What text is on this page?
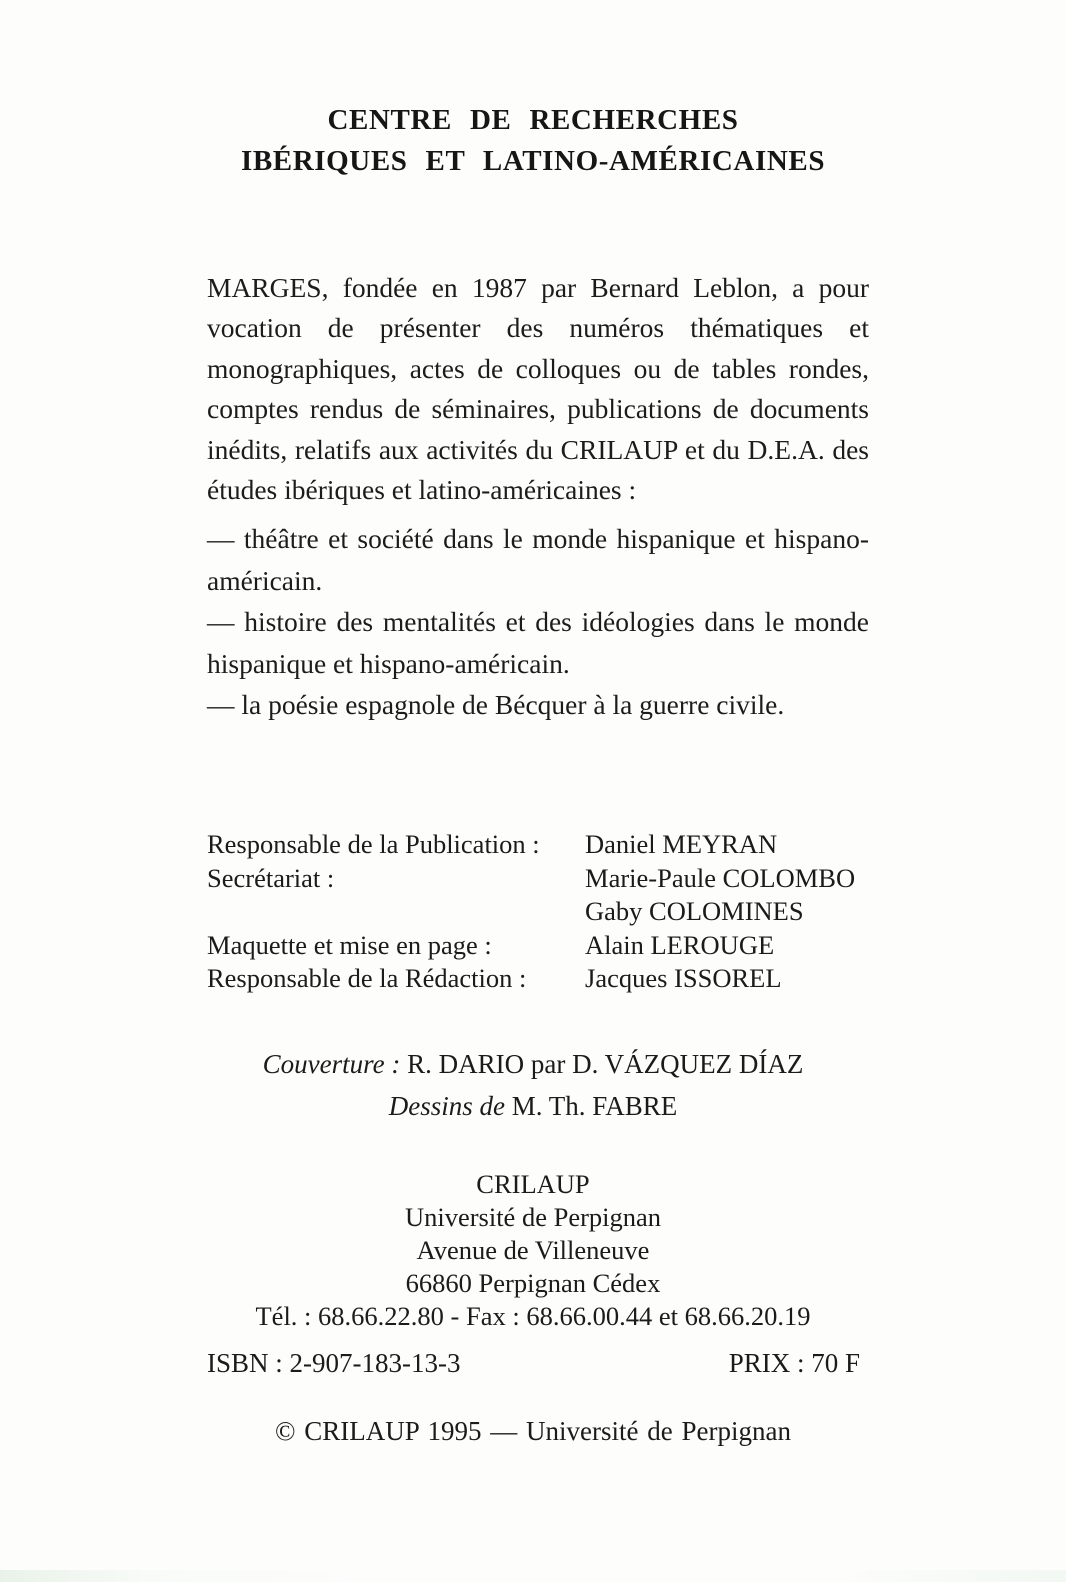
CENTRE DE RECHERCHES
IBÉRIQUES ET LATINO-AMÉRICAINES

MARGES, fondée en 1987 par Bernard Leblon, a pour vocation de présenter des numéros thématiques et monographiques, actes de colloques ou de tables rondes, comptes rendus de séminaires, publications de documents inédits, relatifs aux activités du CRILAUP et du D.E.A. des études ibériques et latino-américaines :

— théâtre et société dans le monde hispanique et hispano-américain.

— histoire des mentalités et des idéologies dans le monde hispanique et hispano-américain.

— la poésie espagnole de Bécquer à la guerre civile.

Responsable de la Publication :	Daniel MEYRAN
Secrétariat :	Marie-Paule COLOMBO
Gaby COLOMINES
Maquette et mise en page :	Alain LEROUGE
Responsable de la Rédaction :	Jacques ISSOREL
Couverture : R. DARIO par D. VÁZQUEZ DÍAZ
Dessins de M. Th. FABRE
CRILAUP
Université de Perpignan
Avenue de Villeneuve
66860 Perpignan Cédex
Tél. : 68.66.22.80 - Fax : 68.66.00.44 et 68.66.20.19
ISBN : 2-907-183-13-3	PRIX : 70 F
© CRILAUP 1995 — Université de Perpignan
